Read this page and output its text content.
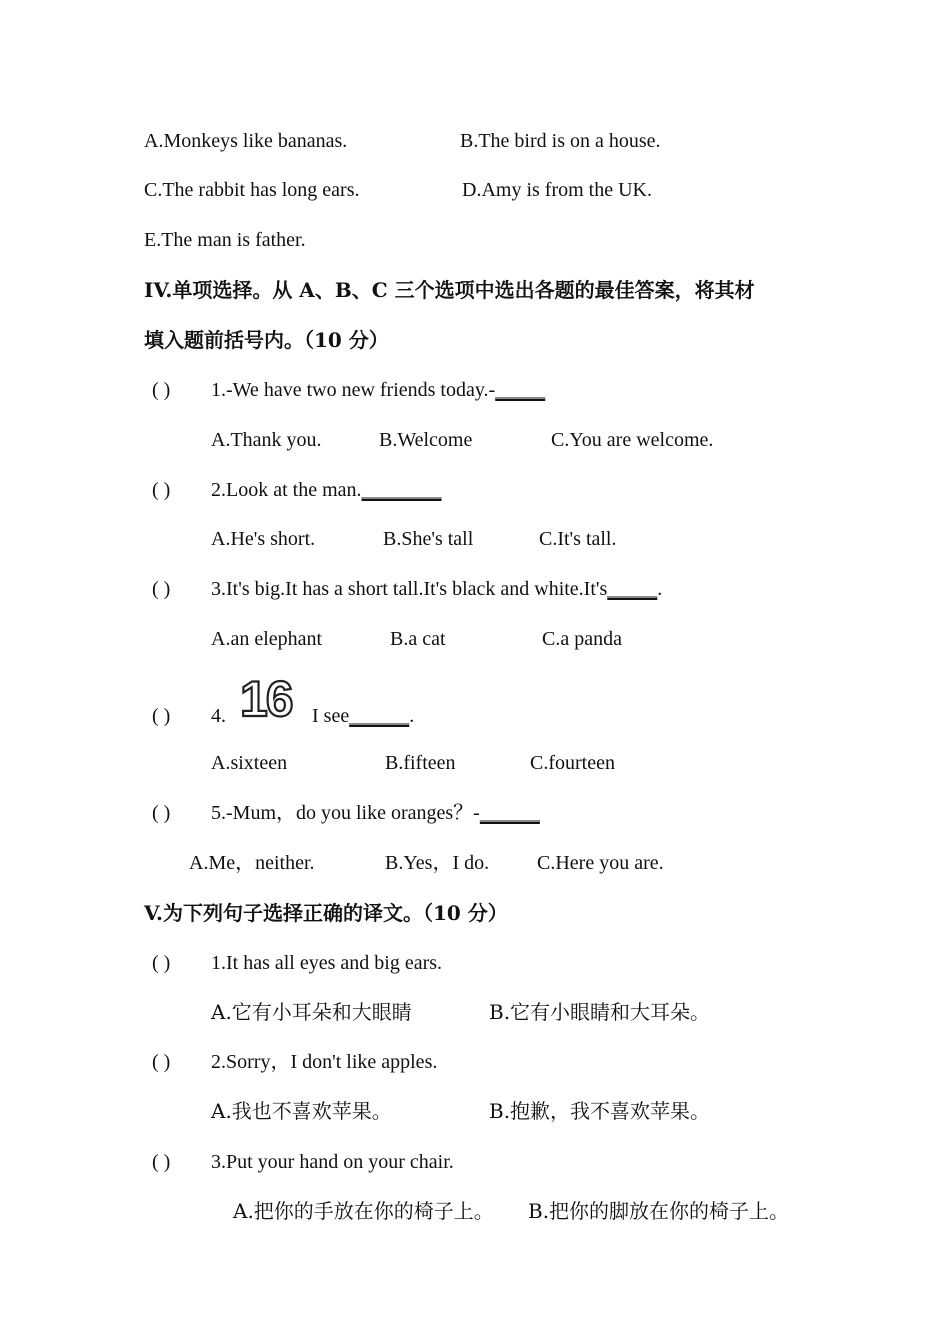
A.Monkeys like bananas.	B.The bird is on a house.
C.The rabbit has long ears.	D.Amy is from the UK.
E.The man is father.
IV.单项选择。从 A、B、C 三个选项中选出各题的最佳答案，将其材
填入题前括号内。（10 分）
( ) 1.-We have two new friends today.-_____
A.Thank you.	B.Welcome	C.You are welcome.
( ) 2.Look at the man.________
A.He's short.	B.She's tall	C.It's tall.
( ) 3.It's big.It has a short tall.It's black and white.It's_____.
A.an elephant	B.a cat	C.a panda
( ) 4. 16 I see______.
A.sixteen	B.fifteen	C.fourteen
( ) 5.-Mum，do you like oranges？-______
A.Me，neither.	B.Yes，I do. C.Here you are.
V.为下列句子选择正确的译文。（10 分）
( ) 1.It has all eyes and big ears.
A.它有小耳朵和大眼睛	B.它有小眼睛和大耳朵。
( ) 2.Sorry，I don't like apples.
A.我也不喜欢苹果。	B.抱歉，我不喜欢苹果。
( ) 3.Put your hand on your chair.
A.把你的手放在你的椅子上。 B.把你的脚放在你的椅子上。
